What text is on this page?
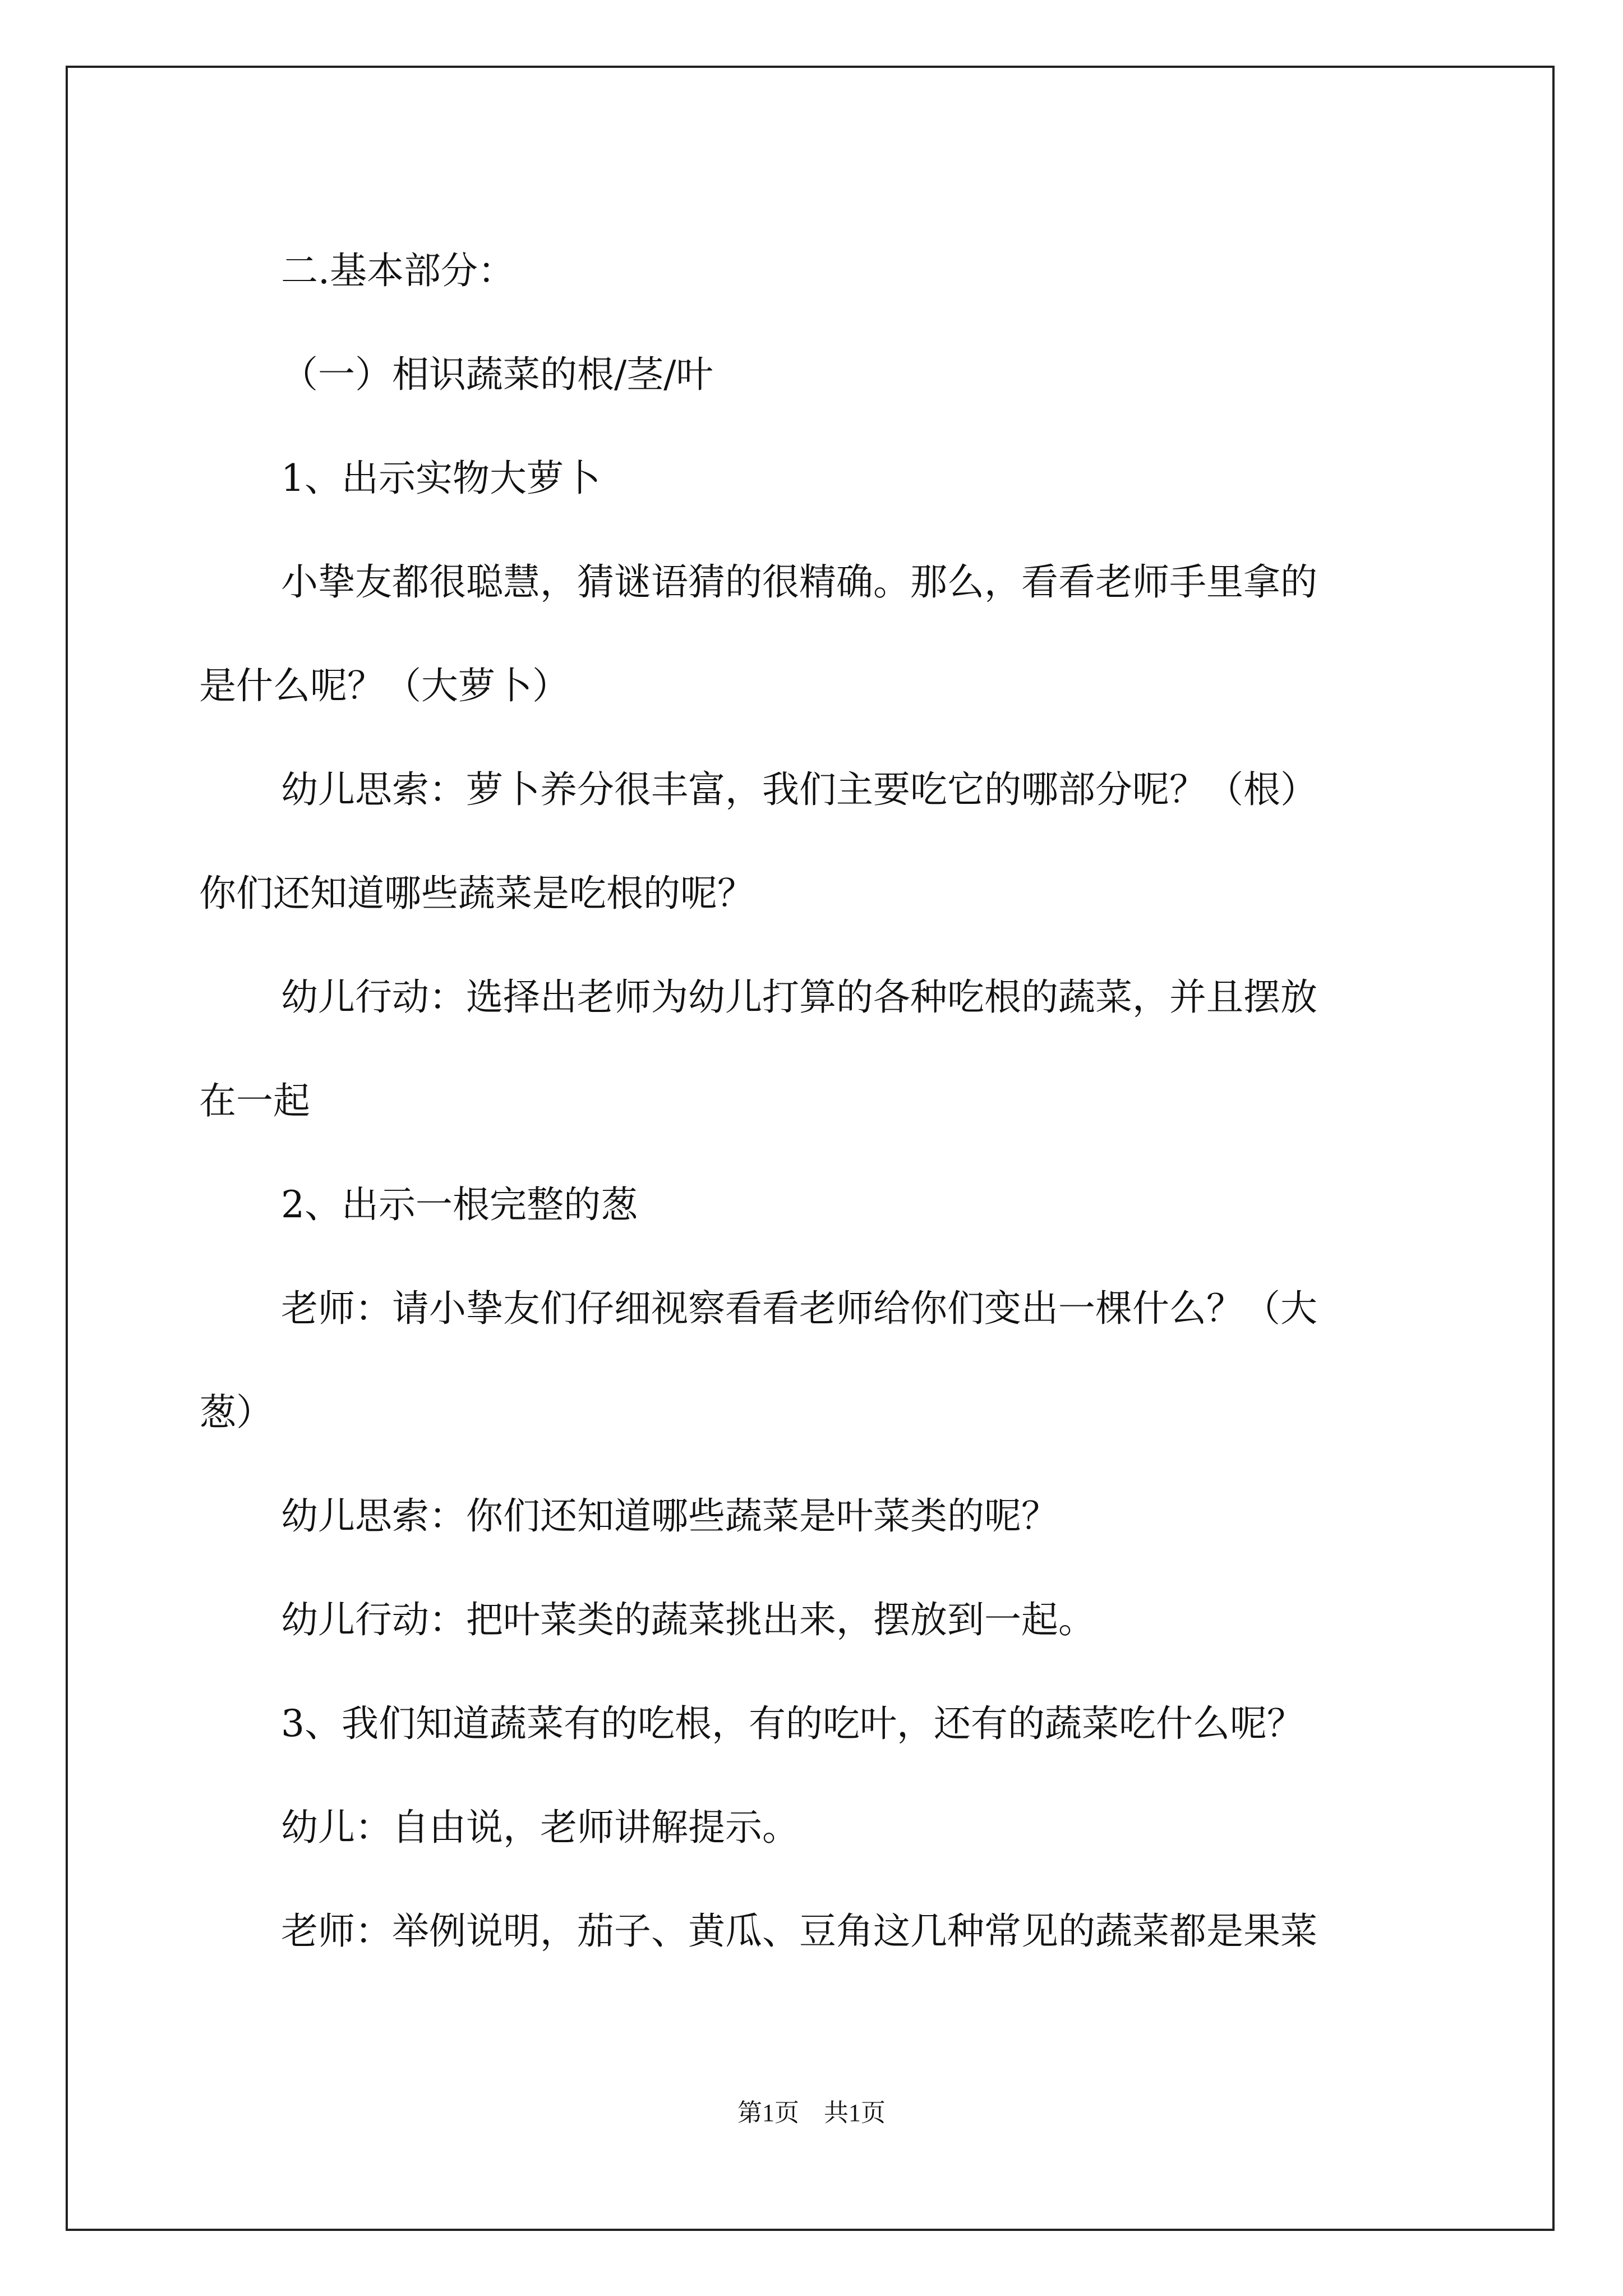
二.基本部分：

（一）相识蔬菜的根/茎/叶

1、出示实物大萝卜

小挚友都很聪慧，猜谜语猜的很精确。那么，看看老师手里拿的

是什么呢？（大萝卜）

幼儿思索：萝卜养分很丰富，我们主要吃它的哪部分呢？（根）

你们还知道哪些蔬菜是吃根的呢？

幼儿行动：选择出老师为幼儿打算的各种吃根的蔬菜，并且摆放

在一起

2、出示一根完整的葱

老师：请小挚友们仔细视察看看老师给你们变出一棵什么？（大

葱）

幼儿思索：你们还知道哪些蔬菜是叶菜类的呢？

幼儿行动：把叶菜类的蔬菜挑出来，摆放到一起。

3、我们知道蔬菜有的吃根，有的吃叶，还有的蔬菜吃什么呢？

幼儿：自由说，老师讲解提示。

老师：举例说明，茄子、黄瓜、豆角这几种常见的蔬菜都是果菜

第1页　共1页
